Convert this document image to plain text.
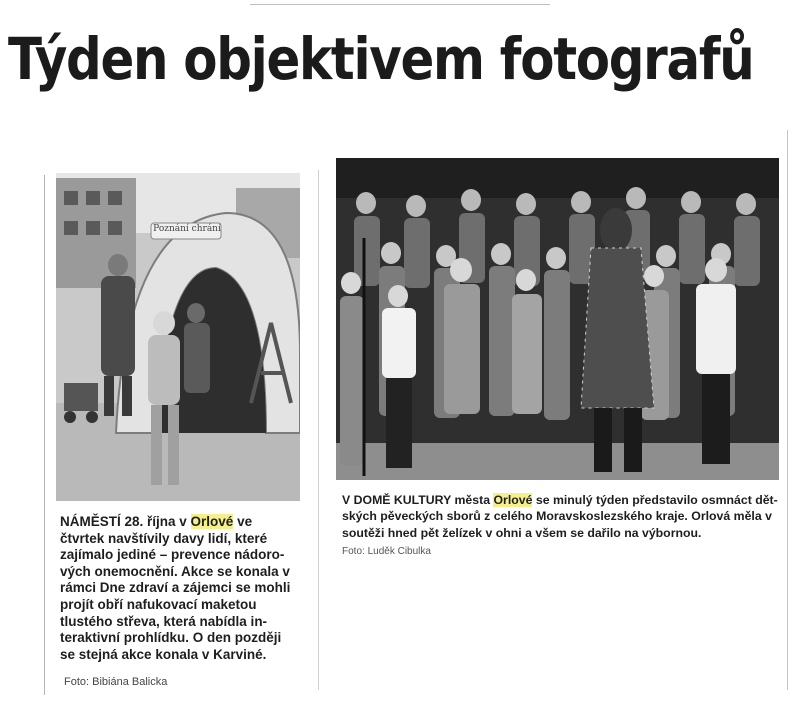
Týden objektivem fotografů
Poznání chrání
NÁMĚSTÍ 28. října v Orlové ve čtvrtek navštívily davy lidí, které zajímalo jediné – prevence nádoro- vých onemocnění. Akce se konala v rámci Dne zdraví a zájemci se mohli projít obří nafukovací maketou tlustého střeva, která nabídla in- teraktivní prohlídku. O den později se stejná akce konala v Karviné.
Foto: Bibiána Balicka
V DOMĚ KULTURY města Orlové se minulý týden představilo osmnáct dět- ských pěveckých sborů z celého Moravskoslezského kraje. Orlová měla v soutěži hned pět želízek v ohni a všem se dařilo na výbornou.
Foto: Luděk Cibulka
